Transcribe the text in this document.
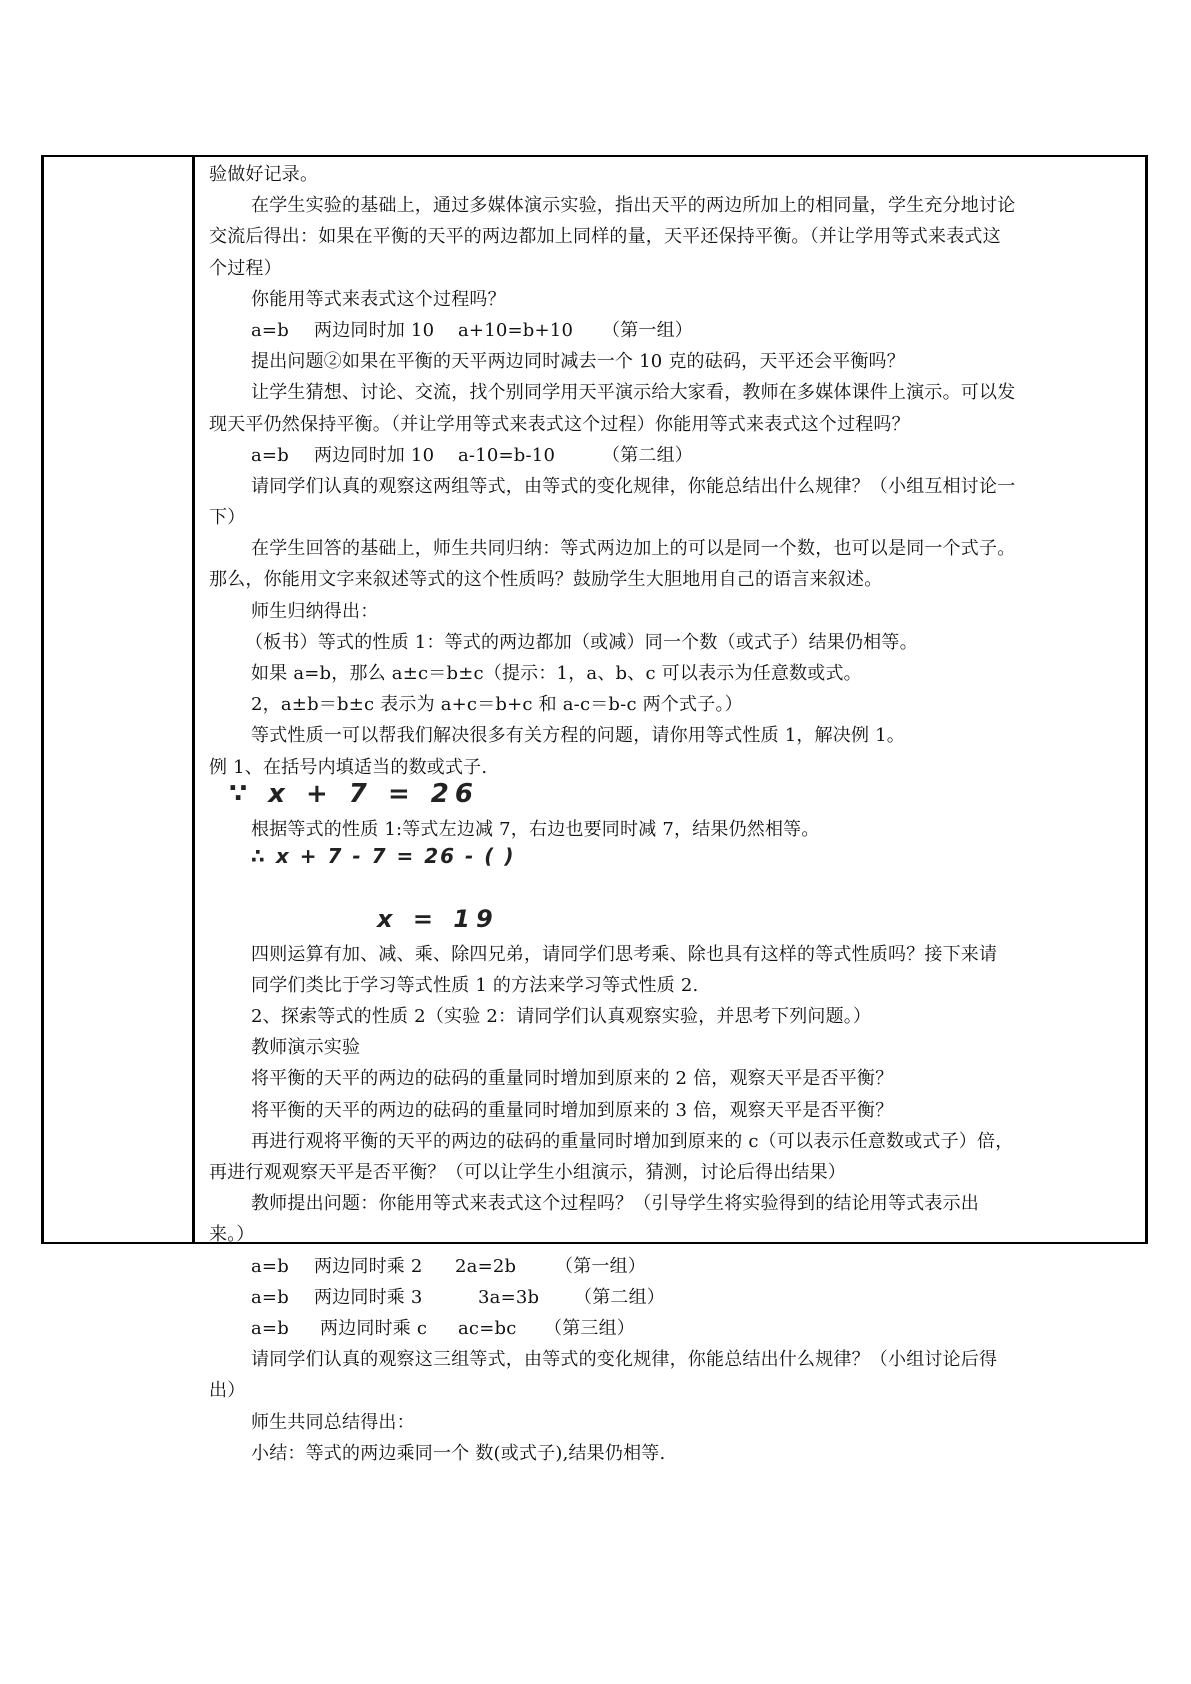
验做好记录。
在学生实验的基础上，通过多媒体演示实验，指出天平的两边所加上的相同量，学生充分地讨论
交流后得出：如果在平衡的天平的两边都加上同样的量，天平还保持平衡。（并让学用等式来表式这
个过程）
你能用等式来表式这个过程吗？
a=b 两边同时加 10 a+10=b+10 （第一组）
提出问题②如果在平衡的天平两边同时减去一个 10 克的砝码，天平还会平衡吗？
让学生猜想、讨论、交流，找个别同学用天平演示给大家看，教师在多媒体课件上演示。可以发
现天平仍然保持平衡。（并让学用等式来表式这个过程）你能用等式来表式这个过程吗？
a=b 两边同时加 10 a-10=b-10	（第二组）
请同学们认真的观察这两组等式，由等式的变化规律，你能总结出什么规律？（小组互相讨论一
下）
在学生回答的基础上，师生共同归纳：等式两边加上的可以是同一个数，也可以是同一个式子。
那么，你能用文字来叙述等式的这个性质吗？鼓励学生大胆地用自己的语言来叙述。
师生归纳得出：
（板书）等式的性质 1：等式的两边都加（或减）同一个数（或式子）结果仍相等。
如果 a=b，那么 a±c＝b±c（提示：1，a、b、c 可以表示为任意数或式。
2，a±b＝b±c 表示为 a+c＝b+c 和 a-c＝b-c 两个式子。）
等式性质一可以帮我们解决很多有关方程的问题，请你用等式性质 1，解决例 1。
例 1、在括号内填适当的数或式子.
∵ x + 7 = 26
根据等式的性质 1:等式左边减 7，右边也要同时减 7，结果仍然相等。
∴ x + 7 - 7 = 26 - ( )
x = 19
四则运算有加、减、乘、除四兄弟，请同学们思考乘、除也具有这样的等式性质吗？接下来请
同学们类比于学习等式性质 1 的方法来学习等式性质 2.
2、探索等式的性质 2（实验 2：请同学们认真观察实验，并思考下列问题。）
教师演示实验
将平衡的天平的两边的砝码的重量同时增加到原来的 2 倍，观察天平是否平衡？
将平衡的天平的两边的砝码的重量同时增加到原来的 3 倍，观察天平是否平衡？
再进行观将平衡的天平的两边的砝码的重量同时增加到原来的 c（可以表示任意数或式子）倍，
再进行观观察天平是否平衡？（可以让学生小组演示，猜测，讨论后得出结果）
教师提出问题：你能用等式来表式这个过程吗？（引导学生将实验得到的结论用等式表示出
来。）
a=b 两边同时乘 2 2a=2b （第一组）
a=b 两边同时乘 3	3a=3b （第二组）
a=b 两边同时乘 c ac=bc （第三组）
请同学们认真的观察这三组等式，由等式的变化规律，你能总结出什么规律？（小组讨论后得
出）
师生共同总结得出：
小结：等式的两边乘同一个 数(或式子),结果仍相等.
